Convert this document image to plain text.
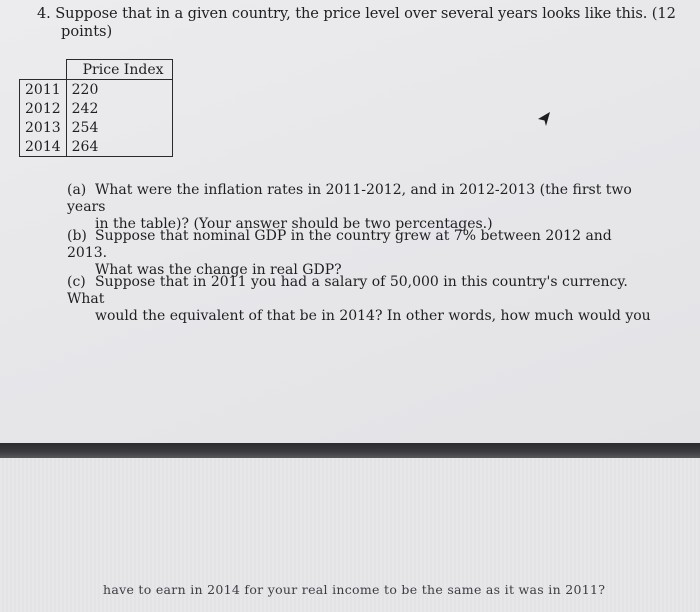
4. Suppose that in a given country, the price level over several years looks like this. (12
points)
	Price Index
2011	220
2012	242
2013	254
2014	264
(a) What were the inflation rates in 2011-2012, and in 2012-2013 (the first two years
in the table)? (Your answer should be two percentages.)
(b) Suppose that nominal GDP in the country grew at 7% between 2012 and 2013.
What was the change in real GDP?
(c) Suppose that in 2011 you had a salary of 50,000 in this country's currency. What
would the equivalent of that be in 2014? In other words, how much would you
have to earn in 2014 for your real income to be the same as it was in 2011?
